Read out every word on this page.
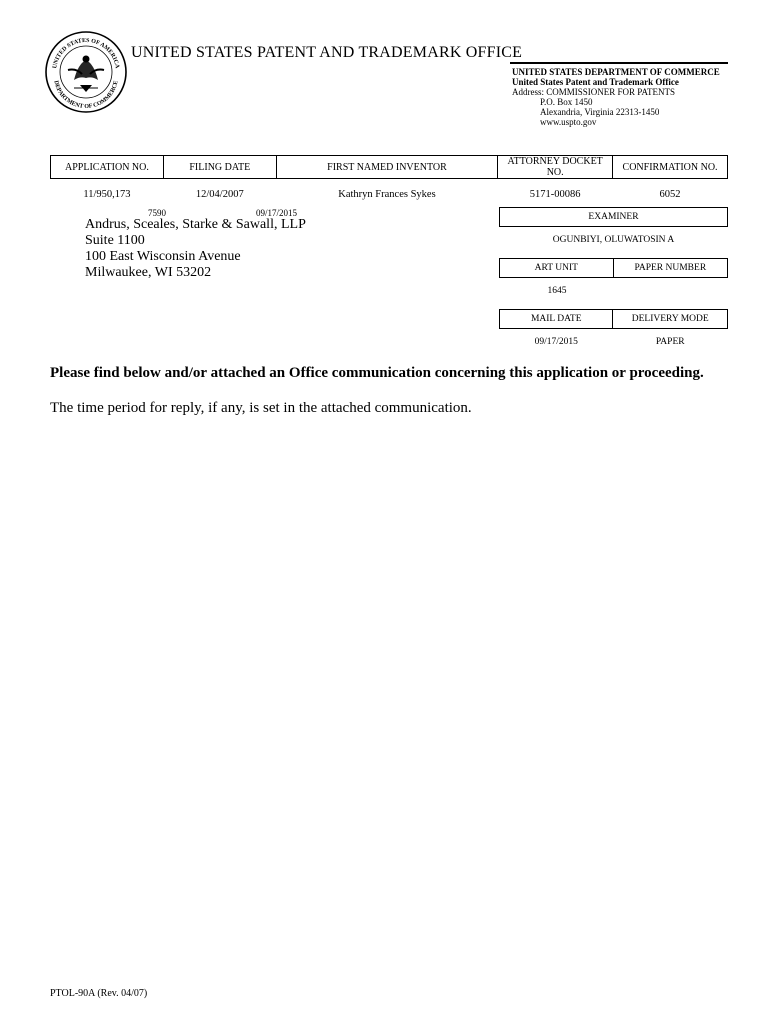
UNITED STATES OF AMERICA
DEPARTMENT OF COMMERCE
UNITED STATES PATENT AND TRADEMARK OFFICE
UNITED STATES DEPARTMENT OF COMMERCE
United States Patent and Trademark Office
Address: COMMISSIONER FOR PATENTS
P.O. Box 1450
Alexandria, Virginia 22313-1450
www.uspto.gov
APPLICATION NO.	FILING DATE	FIRST NAMED INVENTOR	ATTORNEY DOCKET NO.	CONFIRMATION NO.
11/950,173	12/04/2007	Kathryn Frances Sykes	5171-00086	6052
7590	09/17/2015
Andrus, Sceales, Starke & Sawall, LLP
Suite 1100
100 East Wisconsin Avenue
Milwaukee, WI 53202
EXAMINER
OGUNBIYI, OLUWATOSIN A
ART UNIT	PAPER NUMBER
1645	
MAIL DATE	DELIVERY MODE
09/17/2015	PAPER
Please find below and/or attached an Office communication concerning this application or proceeding.
The time period for reply, if any, is set in the attached communication.
PTOL-90A (Rev. 04/07)
